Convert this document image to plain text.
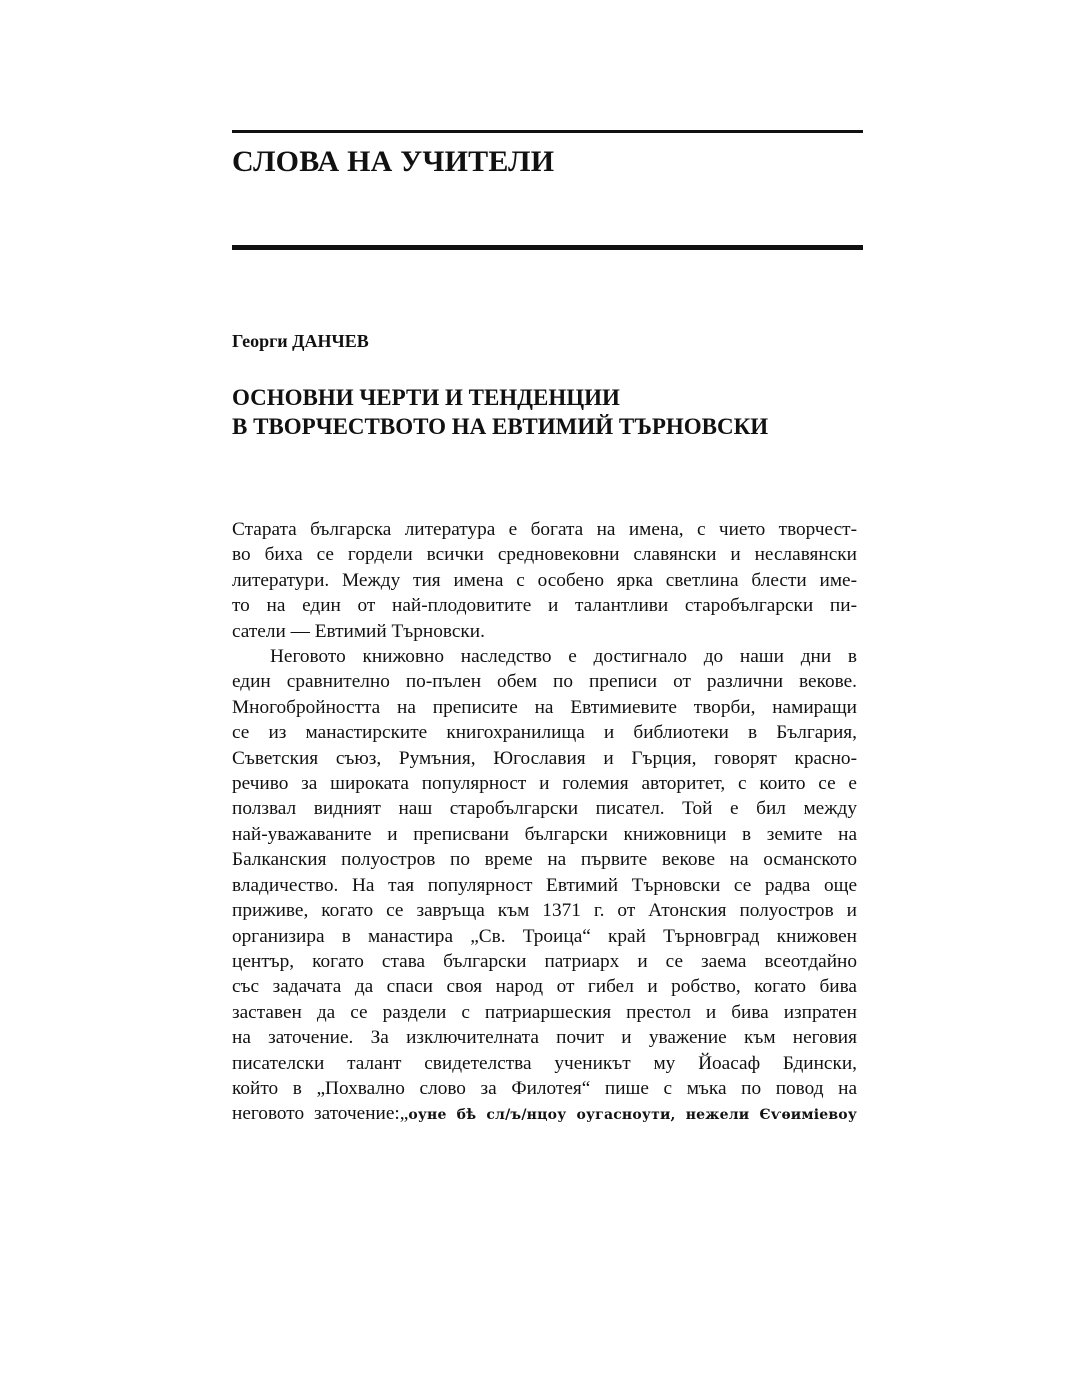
СЛОВА НА УЧИТЕЛИ
Георги ДАНЧЕВ
ОСНОВНИ ЧЕРТИ И ТЕНДЕНЦИИ
В ТВОРЧЕСТВОТО НА ЕВТИМИЙ ТЪРНОВСКИ
Старата българска литература е богата на имена, с чието творчест-
во биха се гордели всички средновековни славянски и неславянски
литератури. Между тия имена с особено ярка светлина блести име-
то на един от най-плодовитите и талантливи старобългарски пи-
сатели — Евтимий Търновски.
Неговото книжовно наследство е достигнало до наши дни в
един сравнително по-пълен обем по преписи от различни векове.
Многобройността на преписите на Евтимиевите творби, намиращи
се из манастирските книгохранилища и библиотеки в България,
Съветския съюз, Румъния, Югославия и Гърция, говорят красно-
речиво за широката популярност и големия авторитет, с които се е
ползвал видният наш старобългарски писател. Той е бил между
най-уважаваните и преписвани български книжовници в земите на
Балканския полуостров по време на първите векове на османското
владичество. На тая популярност Евтимий Търновски се радва още
приживе, когато се завръща към 1371 г. от Атонския полуостров и
организира в манастира „Св. Троица“ край Търновград книжовен
център, когато става български патриарх и се заема всеотдайно
със задачата да спаси своя народ от гибел и робство, когато бива
заставен да се раздели с патриаршеския престол и бива изпратен
на заточение. За изключителната почит и уважение към неговия
писателски талант свидетелства ученикът му Йоасаф Бдински,
който в „Похвално слово за Филотея“ пише с мъка по повод на
неговото заточение:„оуне бѣ сл/ъ/нцоу оугаснoути, нежели Єѵѳиміевоу
